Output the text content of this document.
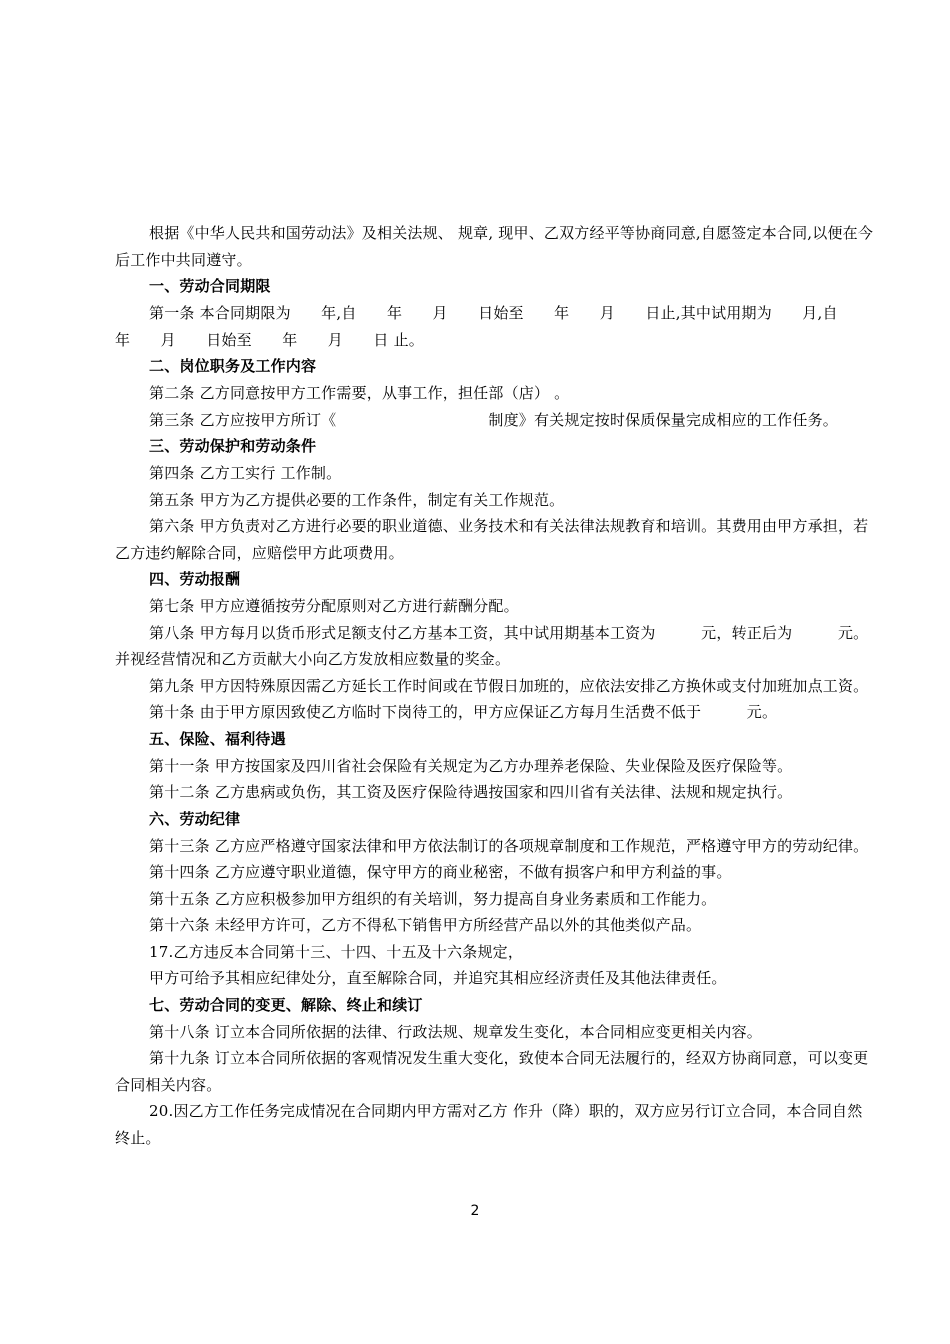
根据《中华人民共和国劳动法》及相关法规、 规章, 现甲、乙双方经平等协商同意,自愿签定本合同,以便在今后工作中共同遵守。

一、劳动合同期限

第一条 本合同期限为　　年,自　　年　　月　　日始至　　年　　月　　日止,其中试用期为　　月,自　　年　　月　　日始至　　年　　月　　日 止。

二、岗位职务及工作内容

第二条 乙方同意按甲方工作需要，从事工作，担任部（店） 。

第三条 乙方应按甲方所订《　　　　　　　　　　制度》有关规定按时保质保量完成相应的工作任务。

三、劳动保护和劳动条件

第四条 乙方工实行 工作制。

第五条 甲方为乙方提供必要的工作条件，制定有关工作规范。

第六条 甲方负责对乙方进行必要的职业道德、业务技术和有关法律法规教育和培训。其费用由甲方承担，若乙方违约解除合同，应赔偿甲方此项费用。

四、劳动报酬

第七条 甲方应遵循按劳分配原则对乙方进行薪酬分配。

第八条 甲方每月以货币形式足额支付乙方基本工资，其中试用期基本工资为　　　元，转正后为　　　元。并视经营情况和乙方贡献大小向乙方发放相应数量的奖金。

第九条 甲方因特殊原因需乙方延长工作时间或在节假日加班的，应依法安排乙方换休或支付加班加点工资。

第十条 由于甲方原因致使乙方临时下岗待工的，甲方应保证乙方每月生活费不低于　　　元。

五、保险、福利待遇

第十一条 甲方按国家及四川省社会保险有关规定为乙方办理养老保险、失业保险及医疗保险等。

第十二条 乙方患病或负伤，其工资及医疗保险待遇按国家和四川省有关法律、法规和规定执行。

六、劳动纪律

第十三条 乙方应严格遵守国家法律和甲方依法制订的各项规章制度和工作规范，严格遵守甲方的劳动纪律。

第十四条 乙方应遵守职业道德，保守甲方的商业秘密，不做有损客户和甲方利益的事。

第十五条 乙方应积极参加甲方组织的有关培训，努力提高自身业务素质和工作能力。

第十六条 未经甲方许可，乙方不得私下销售甲方所经营产品以外的其他类似产品。

17.乙方违反本合同第十三、十四、十五及十六条规定，

甲方可给予其相应纪律处分，直至解除合同，并追究其相应经济责任及其他法律责任。

七、劳动合同的变更、解除、终止和续订

第十八条 订立本合同所依据的法律、行政法规、规章发生变化，本合同相应变更相关内容。

第十九条 订立本合同所依据的客观情况发生重大变化，致使本合同无法履行的，经双方协商同意，可以变更合同相关内容。

20.因乙方工作任务完成情况在合同期内甲方需对乙方 作升（降）职的，双方应另行订立合同，本合同自然终止。

2
